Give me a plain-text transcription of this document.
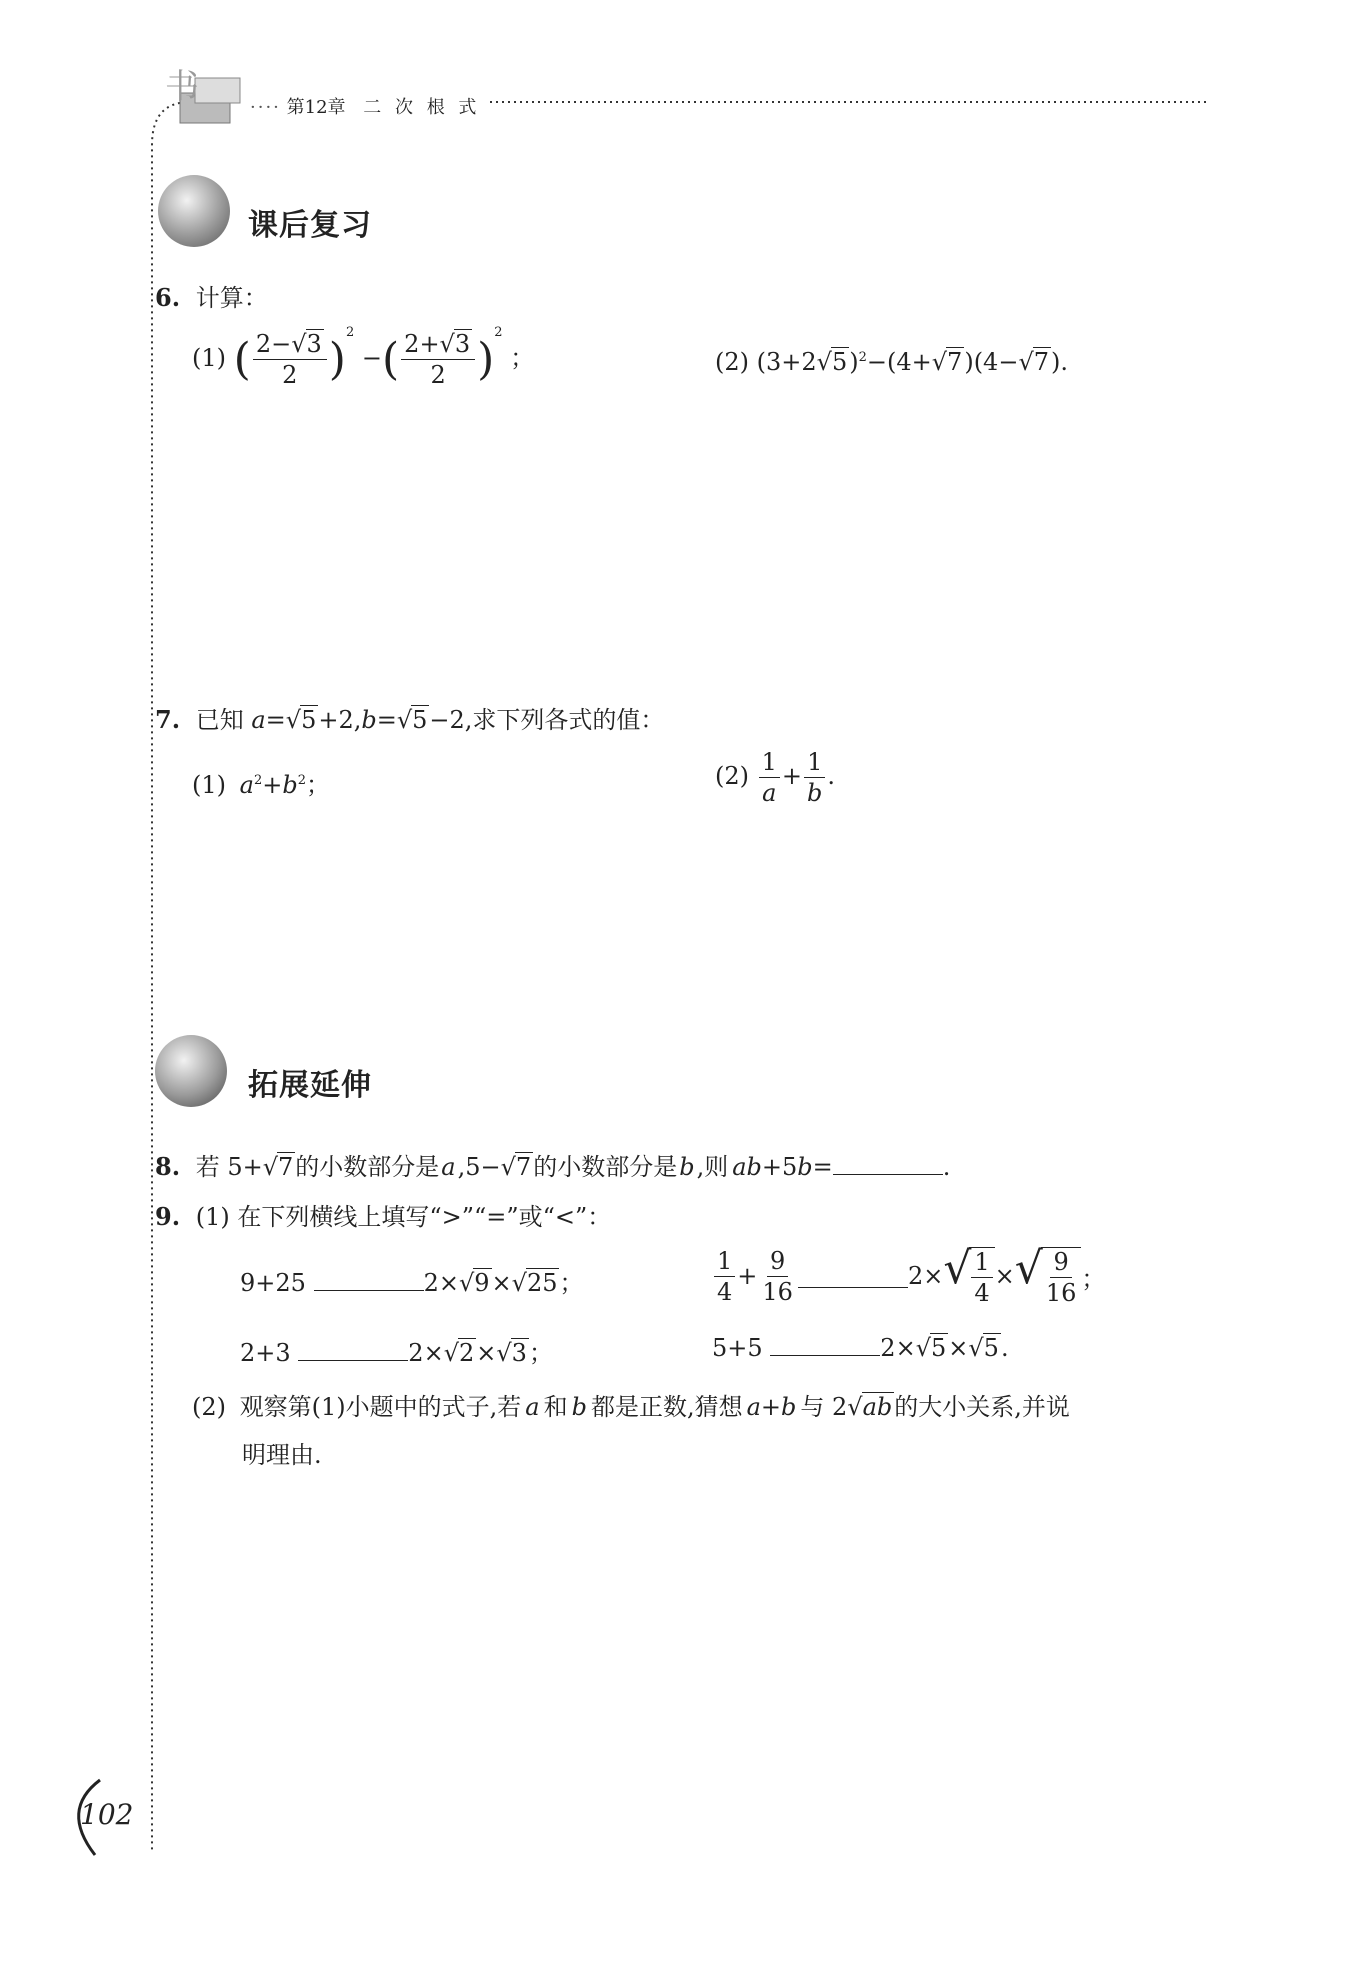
书
···· 第12章 二 次 根 式
课后复习
6. 计算：
(1) ( $\frac{2-√3}{2} )^2$ −( $\frac{2+√3}{2} )^2$ ；	(2) $(3+2√5)^2-(4+√7)(4-√7)$.
7. 已知 a=√5+2,b=√5−2,求下列各式的值：
(1) $a^2+b^2$；	$(2) \frac{1}{a} + \frac{1}{b}$ .
拓展延伸
8. 若 5+√7的小数部分是a,5−√7的小数部分是b,则 ab+5b=	.
9. (1) 在下列横线上填写“>”“=”或“<”：
9+25	2×√9×√25；	$\frac{1}{4} + \frac{9}{16}$	2× √ $\frac{1}{4}$ × √ $\frac{9}{16}$ ；
2+3	2×√2×√3；	5+5	2×√5×√5.
(2) 观察第(1)小题中的式子,若 a 和 b 都是正数,猜想 a+b 与 2√ab的大小关系,并说
明理由.
102
